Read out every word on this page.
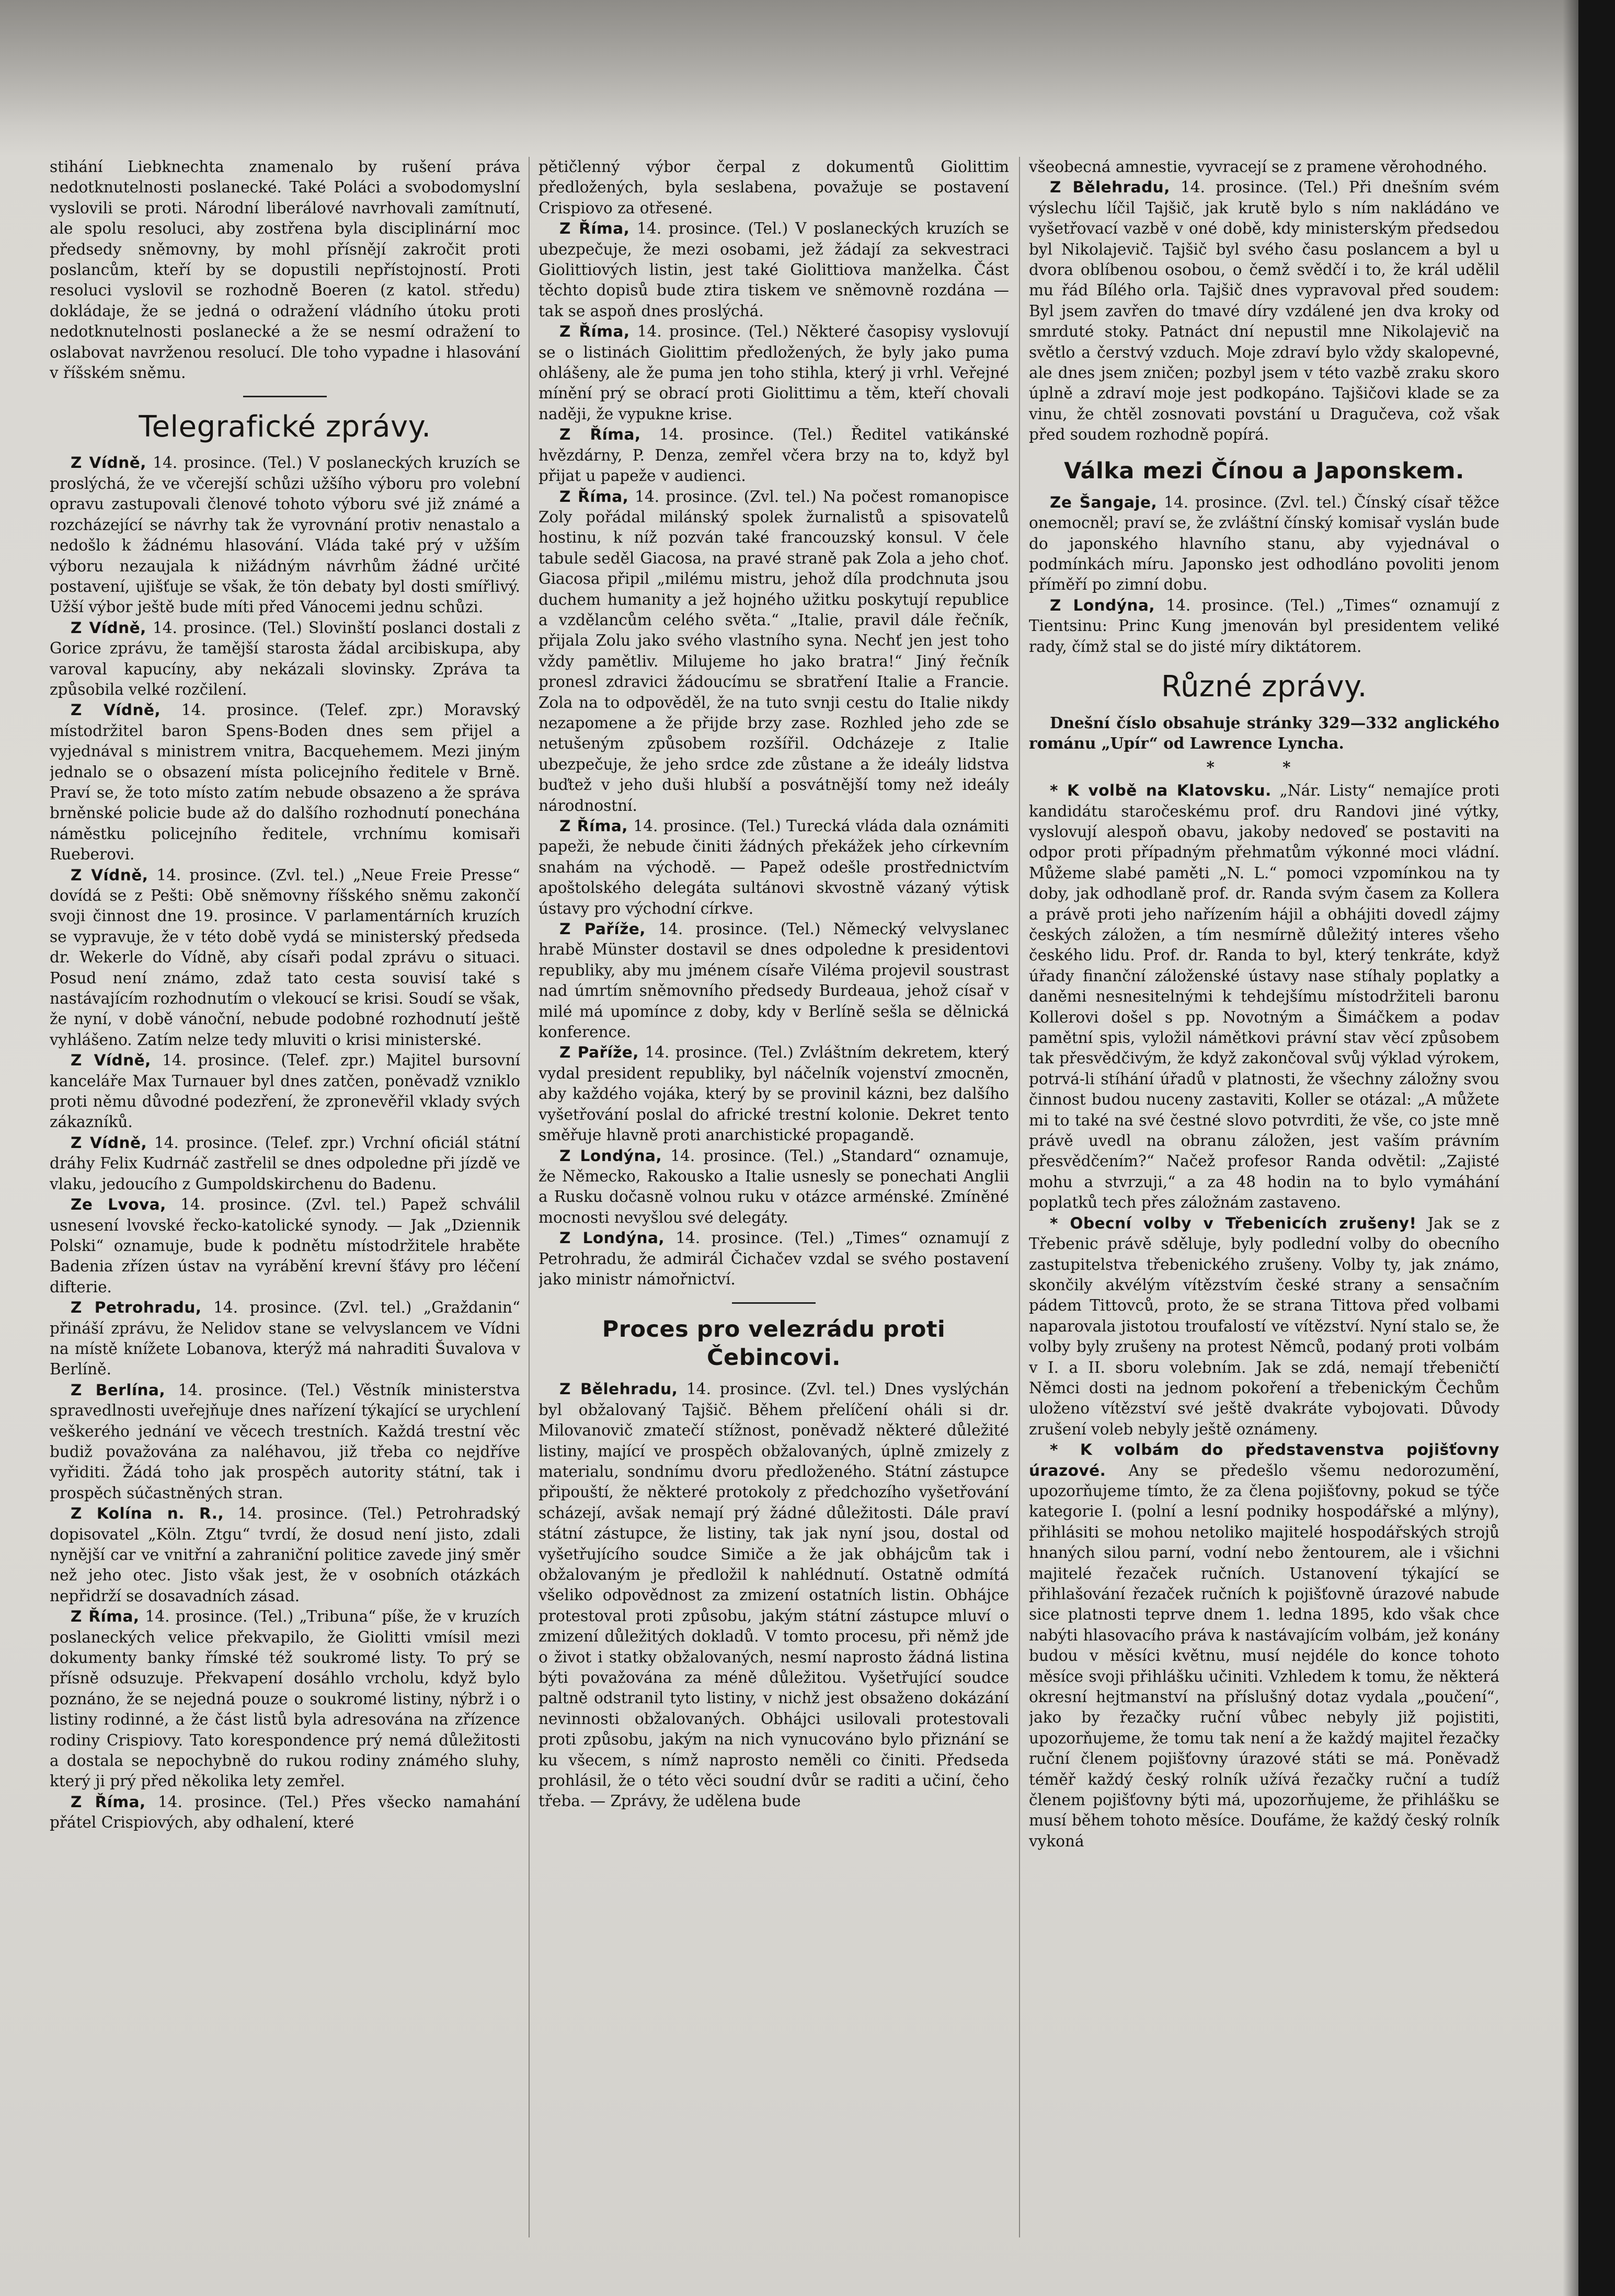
stihání Liebknechta znamenalo by rušení práva nedotknutelnosti poslanecké. Také Poláci a svobodomyslní vyslovili se proti. Národní liberálové navrhovali zamítnutí, ale spolu resoluci, aby zostřena byla disciplinární moc předsedy sněmovny, by mohl přísnějí zakročit proti poslancům, kteří by se dopustili nepřístojností. Proti resoluci vyslovil se rozhodně Boeren (z katol. středu) dokládaje, že se jedná o odražení vládního útoku proti nedotknutelnosti poslanecké a že se nesmí odražení to oslabovat navrženou resolucí. Dle toho vypadne i hlasování v říšském sněmu.

Telegrafické zprávy.

Z Vídně, 14. prosince. (Tel.) V poslaneckých kruzích se proslýchá, že ve včerejší schůzi užšího výboru pro volební opravu zastupovali členové tohoto výboru své již známé a rozcházející se návrhy tak že vyrovnání protiv nenastalo a nedošlo k žádnému hlasování. Vláda také prý v užším výboru nezaujala k nižádným návrhům žádné určité postavení, ujišťuje se však, že tön debaty byl dosti smířlivý. Užší výbor ještě bude míti před Vánocemi jednu schůzi.

Z Vídně, 14. prosince. (Tel.) Slovinští poslanci dostali z Gorice zprávu, že tamější starosta žádal arcibiskupa, aby varoval kapucíny, aby nekázali slovinsky. Zpráva ta způsobila velké rozčilení.

Z Vídně, 14. prosince. (Telef. zpr.) Moravský místodržitel baron Spens-Boden dnes sem přijel a vyjednával s ministrem vnitra, Bacquehemem. Mezi jiným jednalo se o obsazení místa policejního ředitele v Brně. Praví se, že toto místo zatím nebude obsazeno a že správa brněnské policie bude až do dalšího rozhodnutí ponechána náměstku policejního ředitele, vrchnímu komisaři Rueberovi.

Z Vídně, 14. prosince. (Zvl. tel.) „Neue Freie Presse“ dovídá se z Pešti: Obě sněmovny říšského sněmu zakončí svoji činnost dne 19. prosince. V parlamentárních kruzích se vypravuje, že v této době vydá se ministerský předseda dr. Wekerle do Vídně, aby císaři podal zprávu o situaci. Posud není známo, zdaž tato cesta souvisí také s nastávajícím rozhodnutím o vlekoucí se krisi. Soudí se však, že nyní, v době vánoční, nebude podobné rozhodnutí ještě vyhlášeno. Zatím nelze tedy mluviti o krisi ministerské.

Z Vídně, 14. prosince. (Telef. zpr.) Majitel bursovní kanceláře Max Turnauer byl dnes zatčen, poněvadž vzniklo proti němu důvodné podezření, že zpronevěřil vklady svých zákazníků.

Z Vídně, 14. prosince. (Telef. zpr.) Vrchní oficiál státní dráhy Felix Kudrnáč zastřelil se dnes odpoledne při jízdě ve vlaku, jedoucího z Gumpoldskirchenu do Badenu.

Ze Lvova, 14. prosince. (Zvl. tel.) Papež schválil usnesení lvovské řecko-katolické synody. — Jak „Dziennik Polski“ oznamuje, bude k podnětu místodržitele hraběte Badenia zřízen ústav na vyrábění krevní šťávy pro léčení difterie.

Z Petrohradu, 14. prosince. (Zvl. tel.) „Graždanin“ přináší zprávu, že Nelidov stane se velvyslancem ve Vídni na místě knížete Lobanova, kterýž má nahraditi Šuvalova v Berlíně.

Z Berlína, 14. prosince. (Tel.) Věstník ministerstva spravedlnosti uveřejňuje dnes nařízení týkající se urychlení veškerého jednání ve věcech trestních. Každá trestní věc budiž považována za naléhavou, již třeba co nejdříve vyřiditi. Žádá toho jak prospěch autority státní, tak i prospěch súčastněných stran.

Z Kolína n. R., 14. prosince. (Tel.) Petrohradský dopisovatel „Köln. Ztgu“ tvrdí, že dosud není jisto, zdali nynější car ve vnitřní a zahraniční politice zavede jiný směr než jeho otec. Jisto však jest, že v osobních otázkách nepřidrží se dosavadních zásad.

Z Říma, 14. prosince. (Tel.) „Tribuna“ píše, že v kruzích poslaneckých velice překvapilo, že Giolitti vmísil mezi dokumenty banky římské též soukromé listy. To prý se přísně odsuzuje. Překvapení dosáhlo vrcholu, když bylo poznáno, že se nejedná pouze o soukromé listiny, nýbrž i o listiny rodinné, a že část listů byla adresována na zřízence rodiny Crispiovy. Tato korespondence prý nemá důležitosti a dostala se nepochybně do rukou rodiny známého sluhy, který ji prý před několika lety zemřel.

Z Říma, 14. prosince. (Tel.) Přes všecko namahání přátel Crispiových, aby odhalení, které

pětičlenný výbor čerpal z dokumentů Giolittim předložených, byla seslabena, považuje se postavení Crispiovo za otřesené.

Z Říma, 14. prosince. (Tel.) V poslaneckých kruzích se ubezpečuje, že mezi osobami, jež žádají za sekvestraci Giolittiových listin, jest také Giolittiova manželka. Část těchto dopisů bude ztira tiskem ve sněmovně rozdána — tak se aspoň dnes proslýchá.

Z Říma, 14. prosince. (Tel.) Některé časopisy vyslovují se o listinách Giolittim předložených, že byly jako puma ohlášeny, ale že puma jen toho stihla, který ji vrhl. Veřejné mínění prý se obrací proti Giolittimu a těm, kteří chovali naději, že vypukne krise.

Z Říma, 14. prosince. (Tel.) Ředitel vatikánské hvězdárny, P. Denza, zemřel včera brzy na to, když byl přijat u papeže v audienci.

Z Říma, 14. prosince. (Zvl. tel.) Na počest romanopisce Zoly pořádal milánský spolek žurnalistů a spisovatelů hostinu, k níž pozván také francouzský konsul. V čele tabule seděl Giacosa, na pravé straně pak Zola a jeho choť. Giacosa připil „milému mistru, jehož díla prodchnuta jsou duchem humanity a jež hojného užitku poskytují republice a vzdělancům celého světa.“ „Italie, pravil dále řečník, přijala Zolu jako svého vlastního syna. Nechť jen jest toho vždy pamětliv. Milujeme ho jako bratra!“ Jiný řečník pronesl zdravici žádoucímu se sbratření Italie a Francie. Zola na to odpověděl, že na tuto svnji cestu do Italie nikdy nezapomene a že přijde brzy zase. Rozhled jeho zde se netušeným způsobem rozšířil. Odcházeje z Italie ubezpečuje, že jeho srdce zde zůstane a že ideály lidstva buďtež v jeho duši hlubší a posvátnější tomy než ideály národnostní.

Z Říma, 14. prosince. (Tel.) Turecká vláda dala oznámiti papeži, že nebude činiti žádných překážek jeho církevním snahám na východě. — Papež odešle prostřednictvím apoštolského delegáta sultánovi skvostně vázaný výtisk ústavy pro východní církve.

Z Paříže, 14. prosince. (Tel.) Německý velvyslanec hrabě Münster dostavil se dnes odpoledne k presidentovi republiky, aby mu jménem císaře Viléma projevil soustrast nad úmrtím sněmovního předsedy Burdeaua, jehož císař v milé má upomínce z doby, kdy v Berlíně sešla se dělnická konference.

Z Paříže, 14. prosince. (Tel.) Zvláštním dekretem, který vydal president republiky, byl náčelník vojenství zmocněn, aby každého vojáka, který by se provinil kázni, bez dalšího vyšetřování poslal do africké trestní kolonie. Dekret tento směřuje hlavně proti anarchistické propagandě.

Z Londýna, 14. prosince. (Tel.) „Standard“ oznamuje, že Německo, Rakousko a Italie usnesly se ponechati Anglii a Rusku dočasně volnou ruku v otázce arménské. Zmíněné mocnosti nevyšlou své delegáty.

Z Londýna, 14. prosince. (Tel.) „Times“ oznamují z Petrohradu, že admirál Čichačev vzdal se svého postavení jako ministr námořnictví.

Proces pro velezrádu proti Čebincovi.

Z Bělehradu, 14. prosince. (Zvl. tel.) Dnes vyslýchán byl obžalovaný Tajšič. Během přelíčení oháli si dr. Milovanovič zmatečí stížnost, poněvadž některé důležité listiny, mající ve prospěch obžalovaných, úplně zmizely z materialu, sondnímu dvoru předloženého. Státní zástupce připouští, že některé protokoly z předchozího vyšetřování scházejí, avšak nemají prý žádné důležitosti. Dále praví státní zástupce, že listiny, tak jak nyní jsou, dostal od vyšetřujícího soudce Simiče a že jak obhájcům tak i obžalovaným je předložil k nahlédnutí. Ostatně odmítá všeliko odpovědnost za zmizení ostatních listin. Obhájce protestoval proti způsobu, jakým státní zástupce mluví o zmizení důležitých dokladů. V tomto procesu, při němž jde o život i statky obžalovaných, nesmí naprosto žádná listina býti považována za méně důležitou. Vyšetřující soudce paltně odstranil tyto listiny, v nichž jest obsaženo dokázání nevinnosti obžalovaných. Obhájci usilovali protestovali proti způsobu, jakým na nich vynucováno bylo přiznání se ku všecem, s nímž naprosto neměli co činiti. Předseda prohlásil, že o této věci soudní dvůr se raditi a učiní, čeho třeba. — Zprávy, že udělena bude

všeobecná amnestie, vyvracejí se z pramene věrohodného.

Z Bělehradu, 14. prosince. (Tel.) Při dnešním svém výslechu líčil Tajšič, jak krutě bylo s ním nakládáno ve vyšetřovací vazbě v oné době, kdy ministerským předsedou byl Nikolajevič. Tajšič byl svého času poslancem a byl u dvora oblíbenou osobou, o čemž svědčí i to, že král udělil mu řád Bílého orla. Tajšič dnes vypravoval před soudem: Byl jsem zavřen do tmavé díry vzdálené jen dva kroky od smrduté stoky. Patnáct dní nepustil mne Nikolajevič na světlo a čerstvý vzduch. Moje zdraví bylo vždy skalopevné, ale dnes jsem zničen; pozbyl jsem v této vazbě zraku skoro úplně a zdraví moje jest podkopáno. Tajšičovi klade se za vinu, že chtěl zosnovati povstání u Dragučeva, což však před soudem rozhodně popírá.

Válka mezi Čínou a Japonskem.

Ze Šangaje, 14. prosince. (Zvl. tel.) Čínský císař těžce onemocněl; praví se, že zvláštní čínský komisař vyslán bude do japonského hlavního stanu, aby vyjednával o podmínkách míru. Japonsko jest odhodláno povoliti jenom příměří po zimní dobu.

Z Londýna, 14. prosince. (Tel.) „Times“ oznamují z Tientsinu: Princ Kung jmenován byl presidentem veliké rady, čímž stal se do jisté míry diktátorem.

Různé zprávy.

Dnešní číslo obsahuje stránky 329—332 anglického románu „Upír“ od Lawrence Lyncha.

* *

* K volbě na Klatovsku. „Nár. Listy“ nemajíce proti kandidátu staročeskému prof. dru Randovi jiné výtky, vyslovují alespoň obavu, jakoby nedoveď se postaviti na odpor proti případným přehmatům výkonné moci vládní. Můžeme slabé paměti „N. L.“ pomoci vzpomínkou na ty doby, jak odhodlaně prof. dr. Randa svým časem za Kollera a právě proti jeho nařízením hájil a obhájiti dovedl zájmy českých záložen, a tím nesmírně důležitý interes všeho českého lidu. Prof. dr. Randa to byl, který tenkráte, když úřady finanční záloženské ústavy nase stíhaly poplatky a daněmi nesnesitelnými k tehdejšímu místodržiteli baronu Kollerovi došel s pp. Novotným a Šimáčkem a podav pamětní spis, vyložil námětkovi právní stav věcí způsobem tak přesvědčivým, že když zakončoval svůj výklad výrokem, potrvá-li stíhání úřadů v platnosti, že všechny záložny svou činnost budou nuceny zastaviti, Koller se otázal: „A můžete mi to také na své čestné slovo potvrditi, že vše, co jste mně právě uvedl na obranu záložen, jest vaším právním přesvědčením?“ Načež profesor Randa odvětil: „Zajisté mohu a stvrzuji,“ a za 48 hodin na to bylo vymáhání poplatků tech přes záložnám zastaveno.

* Obecní volby v Třebenicích zrušeny! Jak se z Třebenic právě sděluje, byly podlední volby do obecního zastupitelstva třebenického zrušeny. Volby ty, jak známo, skončily akvélým vítězstvím české strany a sensačním pádem Tittovců, proto, že se strana Tittova před volbami naparovala jistotou troufalostí ve vítězství. Nyní stalo se, že volby byly zrušeny na protest Němců, podaný proti volbám v I. a II. sboru volebním. Jak se zdá, nemají třebeničtí Němci dosti na jednom pokoření a třebenickým Čechům uloženo vítězství své ještě dvakráte vybojovati. Důvody zrušení voleb nebyly ještě oznámeny.

* K volbám do představenstva pojišťovny úrazové. Any se předešlo všemu nedorozumění, upozorňujeme tímto, že za člena pojišťovny, pokud se týče kategorie I. (polní a lesní podniky hospodářské a mlýny), přihlásiti se mohou netoliko majitelé hospodářských strojů hnaných silou parní, vodní nebo žentourem, ale i všichni majitelé řezaček ručních. Ustanovení týkající se přihlašování řezaček ručních k pojišťovně úrazové nabude sice platnosti teprve dnem 1. ledna 1895, kdo však chce nabýti hlasovacího práva k nastávajícím volbám, jež konány budou v měsíci květnu, musí nejdéle do konce tohoto měsíce svoji přihlášku učiniti. Vzhledem k tomu, že některá okresní hejtmanství na příslušný dotaz vydala „poučení“, jako by řezačky ruční vůbec nebyly již pojistiti, upozorňujeme, že tomu tak není a že každý majitel řezačky ruční členem pojišťovny úrazové státi se má. Poněvadž téměř každý český rolník užívá řezačky ruční a tudíž členem pojišťovny býti má, upozorňujeme, že přihlášku se musí během tohoto měsíce. Doufáme, že každý český rolník vykoná
